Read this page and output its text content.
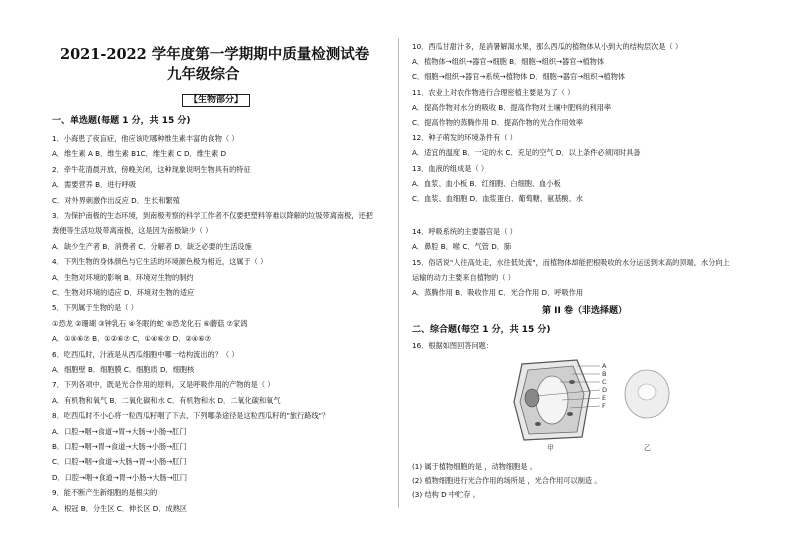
2021-2022 学年度第一学期期中质量检测试卷
九年级综合
【生物部分】
一、单选题(每题 1 分，共 15 分)
1．小海患了夜盲症，他应该吃哪种维生素丰富的食物（ ）
A．维生素 A B．维生素 B1C．维生素 C D．维生素 D
2．牵牛花清晨开放，傍晚关闭，这种现象说明生物具有的特征
A．需要营养 B．进行呼吸
C．对外界刺激作出反应 D．生长和繁殖
3．为保护南极的生态环境，到南极考察的科学工作者不仅要把塑料等难以降解的垃圾带离南极，还把
粪便等生活垃圾带离南极，这是因为南极缺少（ ）
A．缺少生产者 B．消费者 C．分解者 D．缺乏必要的生活设施
4．下列生物的身体颜色与它生活的环境颜色极为相近，这属于（ ）
A．生物对环境的影响 B．环境对生物的制约
C．生物对环境的适应 D．环境对生物的适应
5．下列属于生物的是（ ）
①恐龙 ②珊瑚 ③钟乳石 ④冬眠的蛇 ⑤恐龙化石 ⑥蘑菇 ⑦家鸽
A．①⑤⑥⑦ B．①②⑥⑦ C．①④⑥⑦ D．②④⑥⑦
6．吃西瓜时，汁液是从西瓜细胞中哪一结构流出的？（ ）
A．细胞壁 B．细胞膜 C．细胞质 D．细胞核
7．下列各项中，既是光合作用的原料，又是呼吸作用的产物的是（ ）
A．有机物和氧气 B．二氧化碳和水 C．有机物和水 D．二氧化碳和氧气
8．吃西瓜时不小心将一粒西瓜籽咽了下去，下列哪条途径是这粒西瓜籽的"旅行路线"？
A．口腔→咽→食道→胃→大肠→小肠→肛门
B．口腔→咽→胃→食道→大肠→小肠→肛门
C．口腔→咽→食道→大肠→胃→小肠→肛门
D．口腔→咽→食道→胃→小肠→大肠→肛门
9．能不断产生新细胞的是根尖的
A．根冠 B．分生区 C．伸长区 D．成熟区
10．西瓜甘甜汁多，是消暑解渴水果，那么西瓜的植物体从小到大的结构层次是（ ）
A．植物体→组织→器官→细胞 B．细胞→组织→器官→植物体
C．细胞→组织→器官→系统→植物体 D．细胞→器官→组织→植物体
11．农业上对农作物进行合理密植主要是为了（ ）
A．提高作物对水分的吸收 B．提高作物对土壤中肥料的利用率
C．提高作物的蒸腾作用 D．提高作物的光合作用效率
12．种子萌发的环境条件有（ ）
A．适宜的温度 B．一定的水 C．充足的空气 D．以上条件必须同时具备
13．血液的组成是（ ）
A．血浆、血小板 B．红细胞、白细胞、血小板
C．血浆、血细胞 D．血浆蛋白、葡萄糖、氨基酸、水
14．呼吸系统的主要器官是（ ）
A．鼻腔 B．喉 C．气管 D．肺
15．俗话说"人往高处走，水往低处流"，而植物体却能把根吸收的水分运送到末高的顶端，水分向上
运输的动力主要来自植物的（ ）
A．蒸腾作用 B．吸收作用 C．光合作用 D．呼吸作用
第 II 卷（非选择题）
二、综合题(每空 1 分，共 15 分)
16．根据如图回答问题：
A
B
C
D
E
F
甲	乙
(1) 属于植物细胞的是 ，动物细胞是 。
(2) 植物细胞进行光合作用的场所是 ，光合作用可以制造 。
(3) 结构 D 中贮存 。
